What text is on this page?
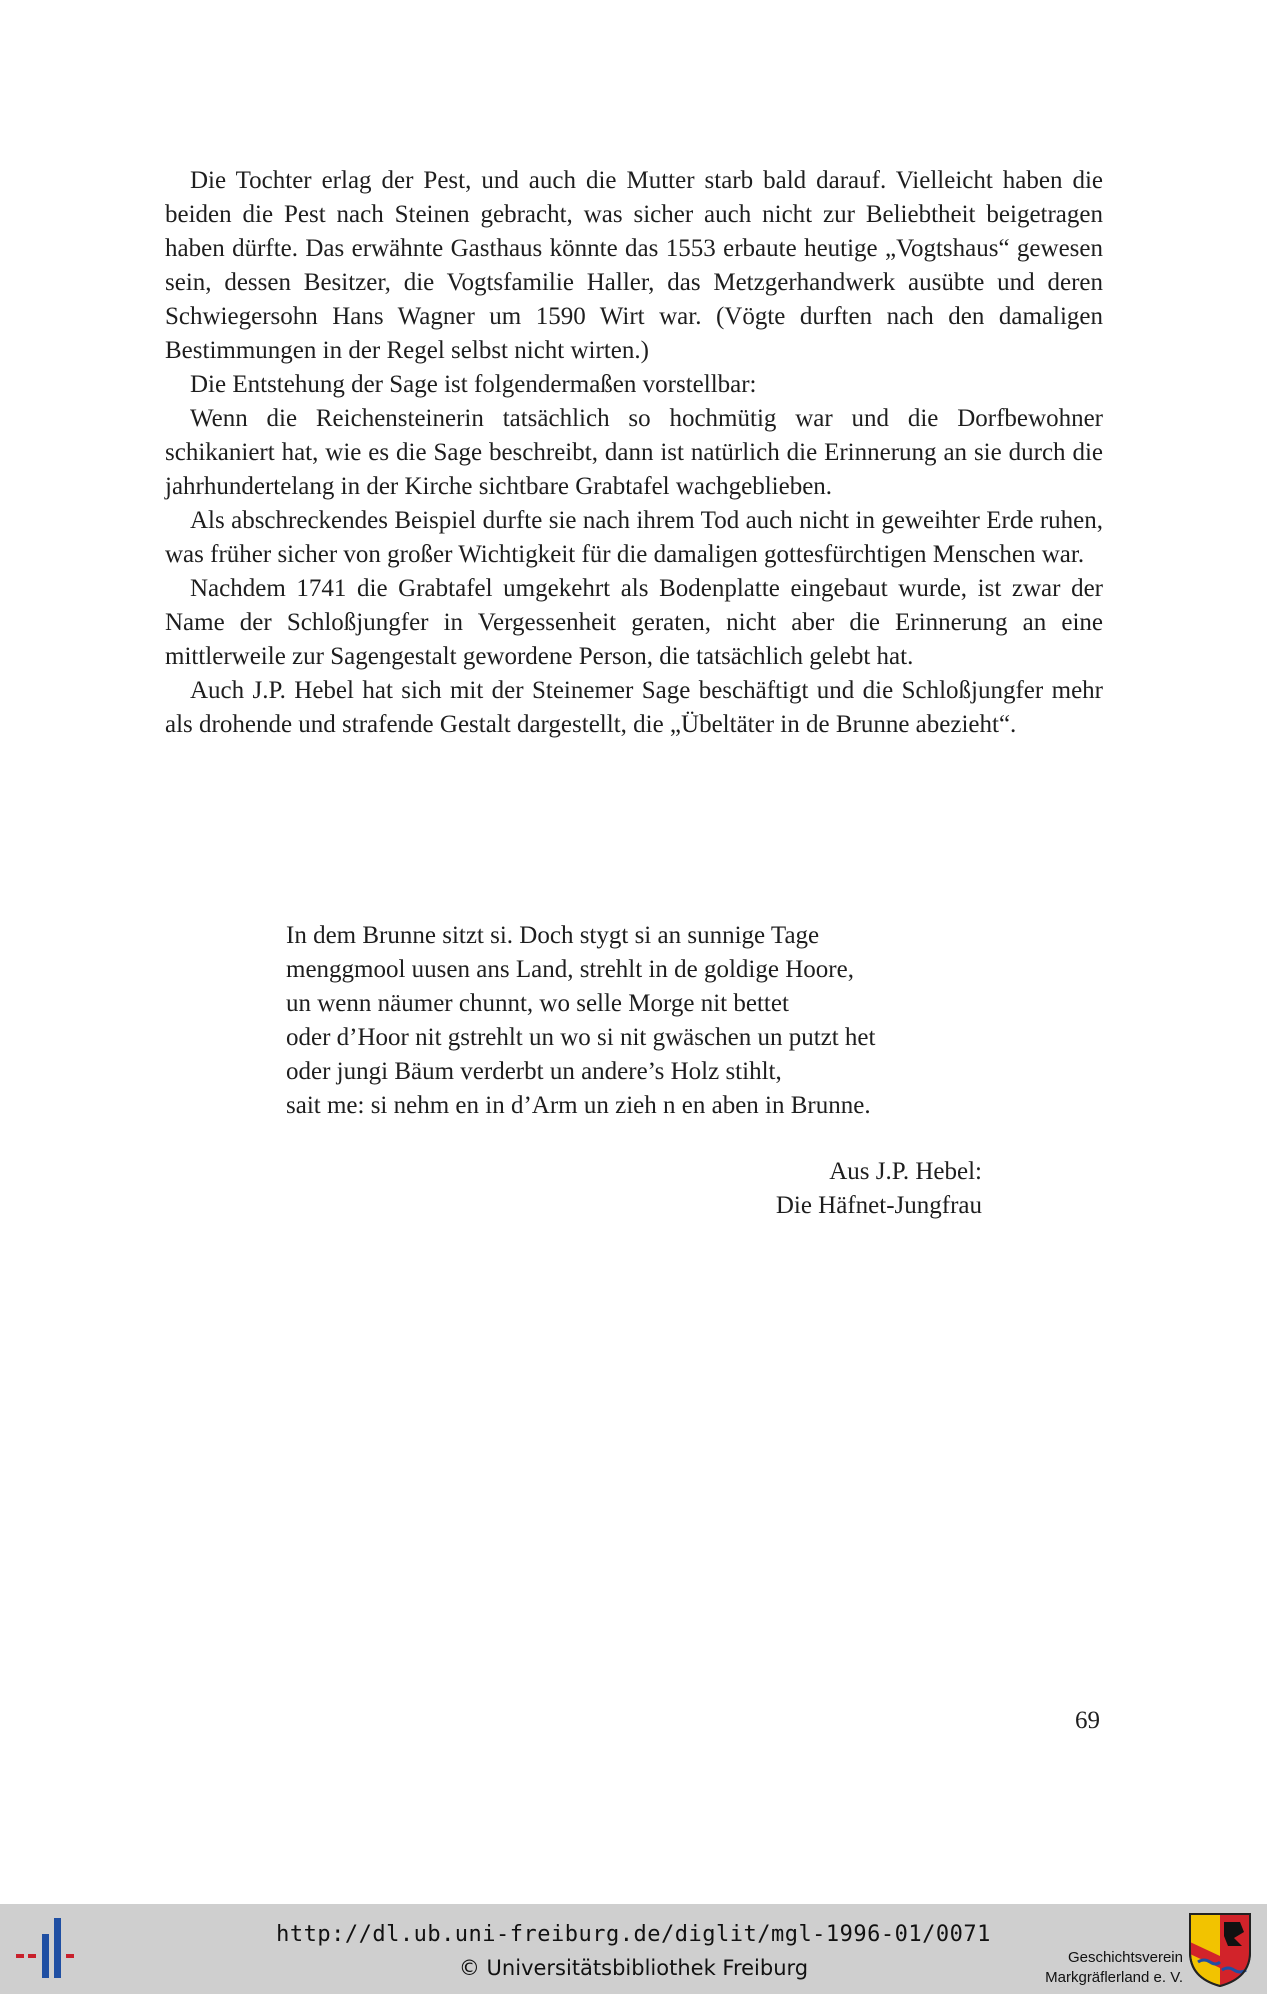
Die Tochter erlag der Pest, und auch die Mutter starb bald darauf. Vielleicht haben die beiden die Pest nach Steinen gebracht, was sicher auch nicht zur Beliebtheit beigetragen haben dürfte. Das erwähnte Gasthaus könnte das 1553 erbaute heutige „Vogtshaus“ gewesen sein, dessen Besitzer, die Vogtsfamilie Haller, das Metzgerhandwerk ausübte und deren Schwiegersohn Hans Wagner um 1590 Wirt war. (Vögte durften nach den damaligen Bestimmungen in der Regel selbst nicht wirten.)

Die Entstehung der Sage ist folgendermaßen vorstellbar:

Wenn die Reichensteinerin tatsächlich so hochmütig war und die Dorfbewohner schikaniert hat, wie es die Sage beschreibt, dann ist natürlich die Erinnerung an sie durch die jahrhundertelang in der Kirche sichtbare Grabtafel wachgeblieben.

Als abschreckendes Beispiel durfte sie nach ihrem Tod auch nicht in geweihter Erde ruhen, was früher sicher von großer Wichtigkeit für die damaligen gottesfürchtigen Menschen war.

Nachdem 1741 die Grabtafel umgekehrt als Bodenplatte eingebaut wurde, ist zwar der Name der Schloßjungfer in Vergessenheit geraten, nicht aber die Erinnerung an eine mittlerweile zur Sagengestalt gewordene Person, die tatsächlich gelebt hat.

Auch J.P. Hebel hat sich mit der Steinemer Sage beschäftigt und die Schloßjungfer mehr als drohende und strafende Gestalt dargestellt, die „Übeltäter in de Brunne abezieht“.

In dem Brunne sitzt si. Doch stygt si an sunnige Tage
menggmool uusen ans Land, strehlt in de goldige Hoore,
un wenn näumer chunnt, wo selle Morge nit bettet
oder d’Hoor nit gstrehlt un wo si nit gwäschen un putzt het
oder jungi Bäum verderbt un andere’s Holz stihlt,
sait me: si nehm en in d’Arm un zieh n en aben in Brunne.
Aus J.P. Hebel:
Die Häfnet-Jungfrau
69
http://dl.ub.uni-freiburg.de/diglit/mgl-1996-01/0071
© Universitätsbibliothek Freiburg	Geschichtsverein
Markgräflerland e. V.
